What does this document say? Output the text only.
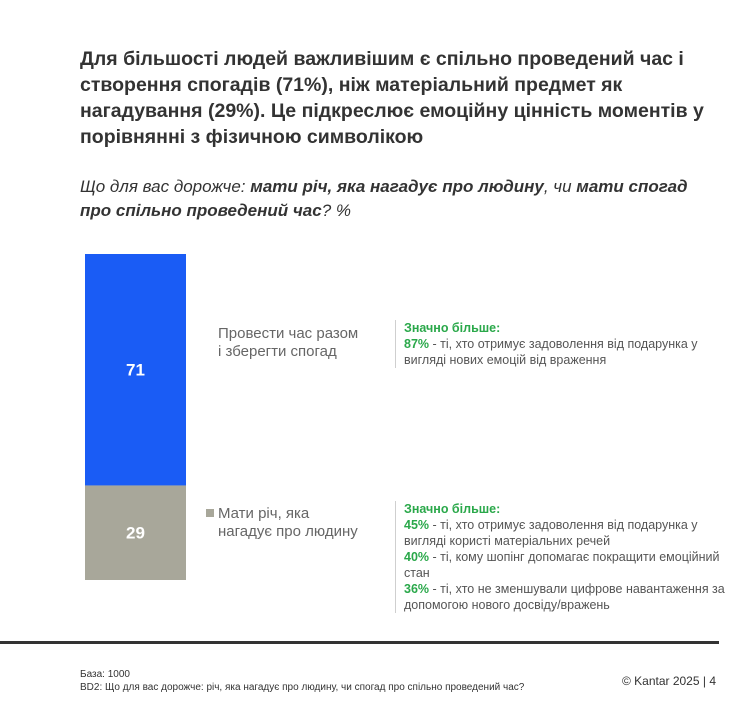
Для більшості людей важливішим є спільно проведений час і створення спогадів (71%), ніж матеріальний предмет як нагадування (29%). Це підкреслює емоційну цінність моментів у порівнянні з фізичною символікою
Що для вас дорожче: мати річ, яка нагадує про людину, чи мати спогад про спільно проведений час? %
71
29
Провести час разом
і зберегти спогад
Мати річ, яка
нагадує про людину
Значно більше:
87% - ті, хто отримує задоволення від подарунка у вигляді нових емоцій від враження
Значно більше:
45% - ті, хто отримує задоволення від подарунка у вигляді користі матеріальних речей
40% - ті, кому шопінг допомагає покращити емоційний стан
36% - ті, хто не зменшували цифрове навантаження за допомогою нового досвіду/вражень
База: 1000
BD2: Що для вас дорожче: річ, яка нагадує про людину, чи спогад про спільно проведений час?	© Kantar 2025 | 4
